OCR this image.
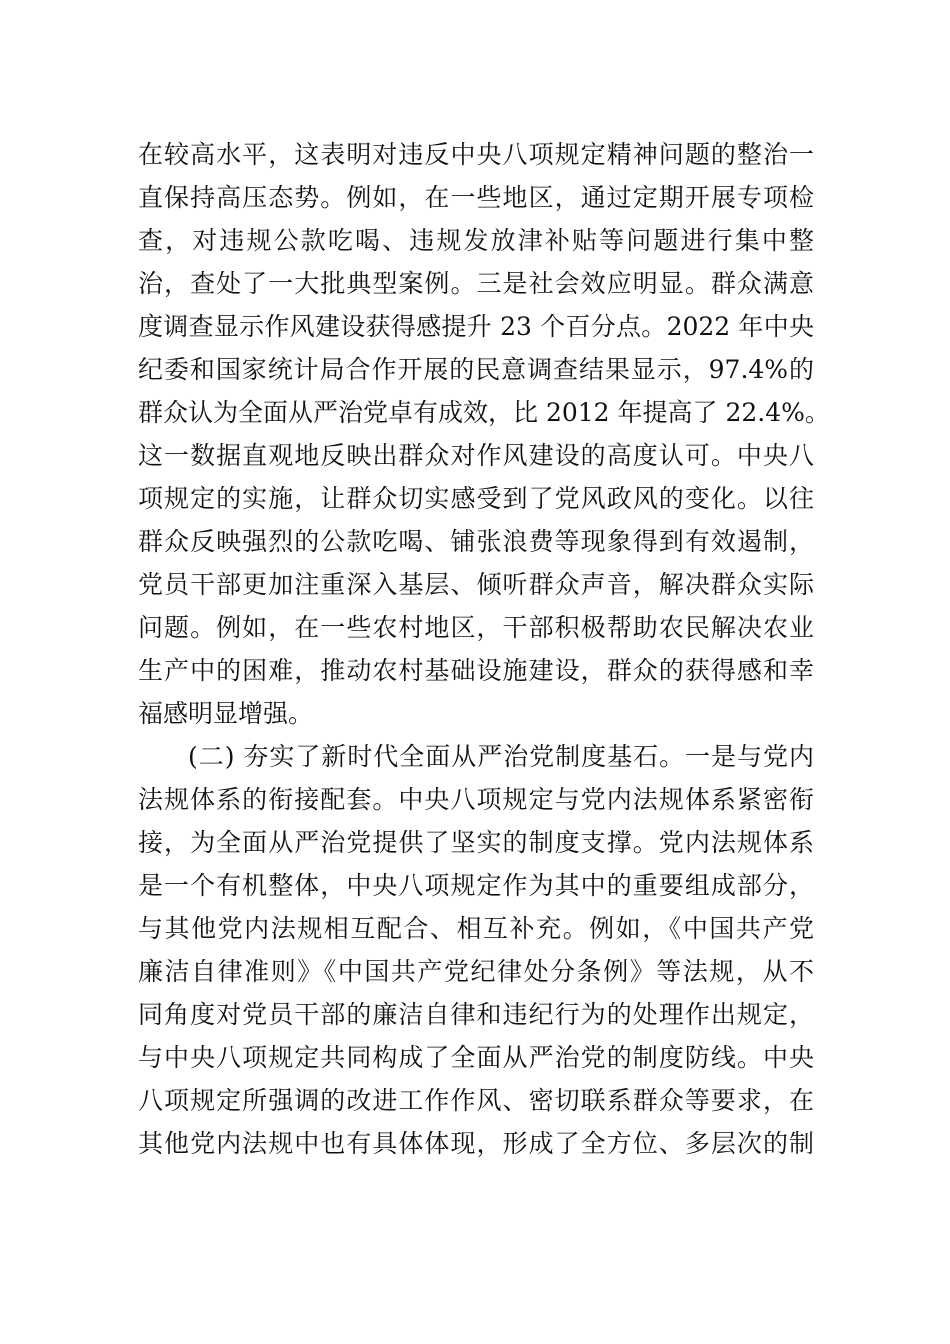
在较高水平，这表明对违反中央八项规定精神问题的整治一
直保持高压态势。例如，在一些地区，通过定期开展专项检
查，对违规公款吃喝、违规发放津补贴等问题进行集中整
治，查处了一大批典型案例。三是社会效应明显。群众满意
度调查显示作风建设获得感提升 23 个百分点。2022 年中央
纪委和国家统计局合作开展的民意调查结果显示，97.4%的
群众认为全面从严治党卓有成效，比 2012 年提高了 22.4%。
这一数据直观地反映出群众对作风建设的高度认可。中央八
项规定的实施，让群众切实感受到了党风政风的变化。以往
群众反映强烈的公款吃喝、铺张浪费等现象得到有效遏制，
党员干部更加注重深入基层、倾听群众声音，解决群众实际
问题。例如，在一些农村地区，干部积极帮助农民解决农业
生产中的困难，推动农村基础设施建设，群众的获得感和幸
福感明显增强。
(二) 夯实了新时代全面从严治党制度基石。一是与党内
法规体系的衔接配套。中央八项规定与党内法规体系紧密衔
接，为全面从严治党提供了坚实的制度支撑。党内法规体系
是一个有机整体，中央八项规定作为其中的重要组成部分，
与其他党内法规相互配合、相互补充。例如，《中国共产党
廉洁自律准则》《中国共产党纪律处分条例》等法规，从不
同角度对党员干部的廉洁自律和违纪行为的处理作出规定，
与中央八项规定共同构成了全面从严治党的制度防线。中央
八项规定所强调的改进工作作风、密切联系群众等要求，在
其他党内法规中也有具体体现，形成了全方位、多层次的制
